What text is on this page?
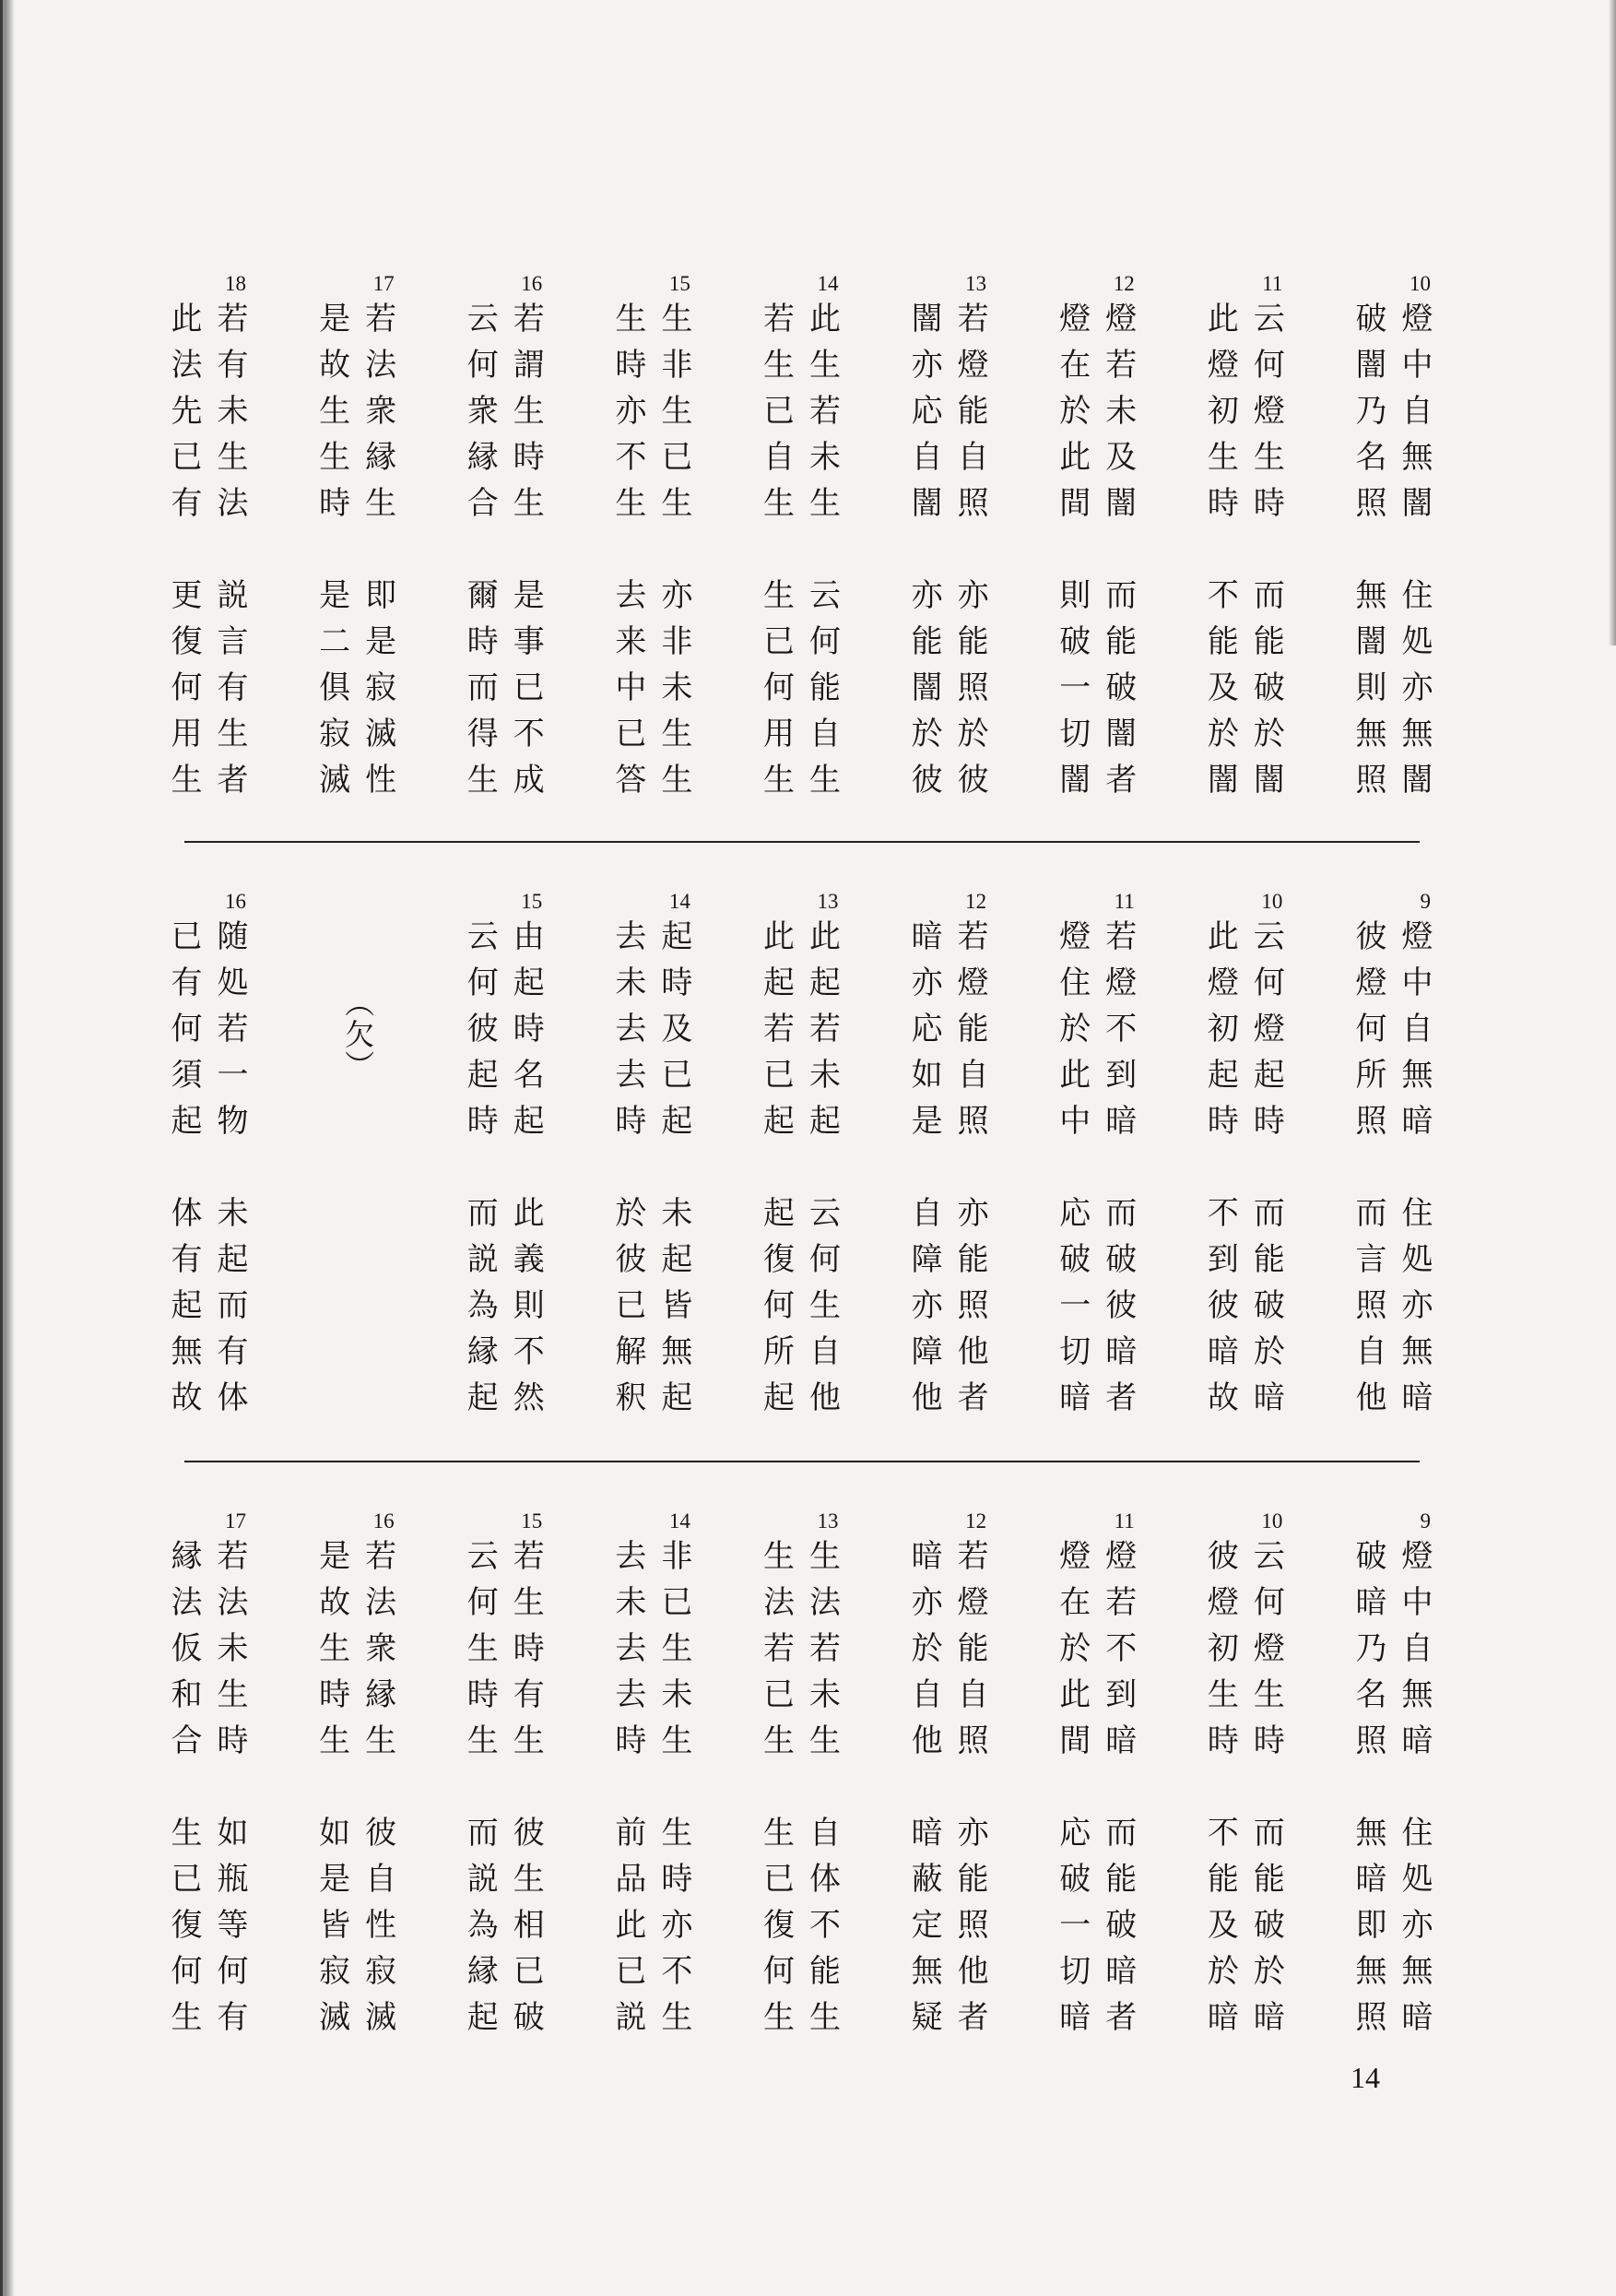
10
破
闇
乃
名
照
燈
中
自
無
闇
無
闇
則
無
照
住
処
亦
無
闇
11
此
燈
初
生
時
云
何
燈
生
時
不
能
及
於
闇
而
能
破
於
闇
12
燈
在
於
此
間
燈
若
未
及
闇
則
破
一
切
闇
而
能
破
闇
者
13
闇
亦
応
自
闇
若
燈
能
自
照
亦
能
闇
於
彼
亦
能
照
於
彼
14
若
生
已
自
生
此
生
若
未
生
生
已
何
用
生
云
何
能
自
生
15
生
時
亦
不
生
生
非
生
已
生
去
来
中
已
答
亦
非
未
生
生
16
云
何
衆
縁
合
若
謂
生
時
生
爾
時
而
得
生
是
事
已
不
成
17
是
故
生
生
時
若
法
衆
縁
生
是
二
俱
寂
滅
即
是
寂
滅
性
18
此
法
先
已
有
若
有
未
生
法
更
復
何
用
生
説
言
有
生
者
9
彼
燈
何
所
照
燈
中
自
無
暗
而
言
照
自
他
住
処
亦
無
暗
10
此
燈
初
起
時
云
何
燈
起
時
不
到
彼
暗
故
而
能
破
於
暗
11
燈
住
於
此
中
若
燈
不
到
暗
応
破
一
切
暗
而
破
彼
暗
者
12
暗
亦
応
如
是
若
燈
能
自
照
自
障
亦
障
他
亦
能
照
他
者
13
此
起
若
已
起
此
起
若
未
起
起
復
何
所
起
云
何
生
自
他
14
去
未
去
去
時
起
時
及
已
起
於
彼
已
解
釈
未
起
皆
無
起
15
云
何
彼
起
時
由
起
時
名
起
而
説
為
縁
起
此
義
則
不
然
（欠）
16
已
有
何
須
起
随
処
若
一
物
体
有
起
無
故
未
起
而
有
体
9
破
暗
乃
名
照
燈
中
自
無
暗
無
暗
即
無
照
住
処
亦
無
暗
10
彼
燈
初
生
時
云
何
燈
生
時
不
能
及
於
暗
而
能
破
於
暗
11
燈
在
於
此
間
燈
若
不
到
暗
応
破
一
切
暗
而
能
破
暗
者
12
暗
亦
於
自
他
若
燈
能
自
照
暗
蔽
定
無
疑
亦
能
照
他
者
13
生
法
若
已
生
生
法
若
未
生
生
已
復
何
生
自
体
不
能
生
14
去
未
去
去
時
非
已
生
未
生
前
品
此
已
説
生
時
亦
不
生
15
云
何
生
時
生
若
生
時
有
生
而
説
為
縁
起
彼
生
相
已
破
16
是
故
生
時
生
若
法
衆
縁
生
如
是
皆
寂
滅
彼
自
性
寂
滅
17
縁
法
仮
和
合
若
法
未
生
時
生
已
復
何
生
如
瓶
等
何
有
14
